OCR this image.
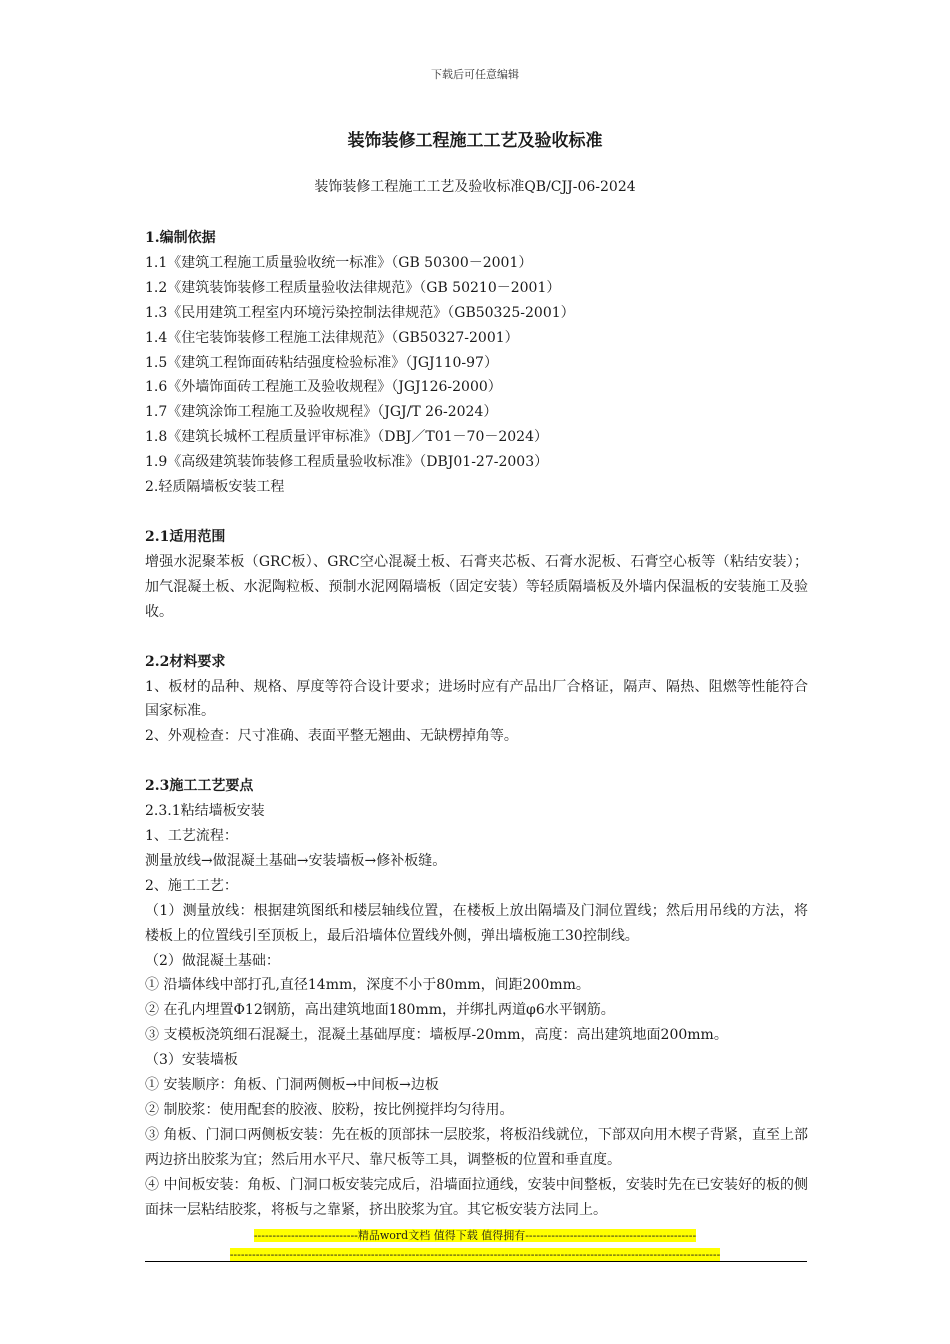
下载后可任意编辑
装饰装修工程施工工艺及验收标准
装饰装修工程施工工艺及验收标准QB/CJJ-06-2024
1.编制依据
1.1《建筑工程施工质量验收统一标准》（GB 50300－2001）
1.2《建筑装饰装修工程质量验收法律规范》（GB 50210－2001）
1.3《民用建筑工程室内环境污染控制法律规范》（GB50325-2001）
1.4《住宅装饰装修工程施工法律规范》（GB50327-2001）
1.5《建筑工程饰面砖粘结强度检验标准》（JGJ110-97）
1.6《外墙饰面砖工程施工及验收规程》（JGJ126-2000）
1.7《建筑涂饰工程施工及验收规程》（JGJ/T 26-2024）
1.8《建筑长城杯工程质量评审标准》（DBJ／T01－70－2024）
1.9《高级建筑装饰装修工程质量验收标准》（DBJ01-27-2003）
2.轻质隔墙板安装工程
2.1适用范围
增强水泥聚苯板（GRC板）、GRC空心混凝土板、石膏夹芯板、石膏水泥板、石膏空心板等（粘结安装）；加气混凝土板、水泥陶粒板、预制水泥网隔墙板（固定安装）等轻质隔墙板及外墙内保温板的安装施工及验收。
2.2材料要求
1、板材的品种、规格、厚度等符合设计要求；进场时应有产品出厂合格证，隔声、隔热、阻燃等性能符合国家标准。
2、外观检查：尺寸准确、表面平整无翘曲、无缺楞掉角等。
2.3施工工艺要点
2.3.1粘结墙板安装
1、工艺流程：
测量放线→做混凝土基础→安装墙板→修补板缝。
2、施工工艺：
（1）测量放线：根据建筑图纸和楼层轴线位置，在楼板上放出隔墙及门洞位置线；然后用吊线的方法，将楼板上的位置线引至顶板上，最后沿墙体位置线外侧，弹出墙板施工30控制线。
（2）做混凝土基础：
① 沿墙体线中部打孔,直径14mm，深度不小于80mm，间距200mm。
② 在孔内埋置Φ12钢筋，高出建筑地面180mm，并绑扎两道φ6水平钢筋。
③ 支模板浇筑细石混凝土，混凝土基础厚度：墙板厚-20mm，高度：高出建筑地面200mm。
（3）安装墙板
① 安装顺序：角板、门洞两侧板→中间板→边板
② 制胶浆：使用配套的胶液、胶粉，按比例搅拌均匀待用。
③ 角板、门洞口两侧板安装：先在板的顶部抹一层胶浆，将板沿线就位，下部双向用木楔子背紧，直至上部两边挤出胶浆为宜；然后用水平尺、靠尺板等工具，调整板的位置和垂直度。
④ 中间板安装：角板、门洞口板安装完成后，沿墙面拉通线，安装中间整板，安装时先在已安装好的板的侧面抹一层粘结胶浆，将板与之靠紧，挤出胶浆为宜。其它板安装方法同上。
----------------------------精品word文档 值得下载 值得拥有----------------------------------------------
------------------------------------------------------------------------------------------------------------------------------------
